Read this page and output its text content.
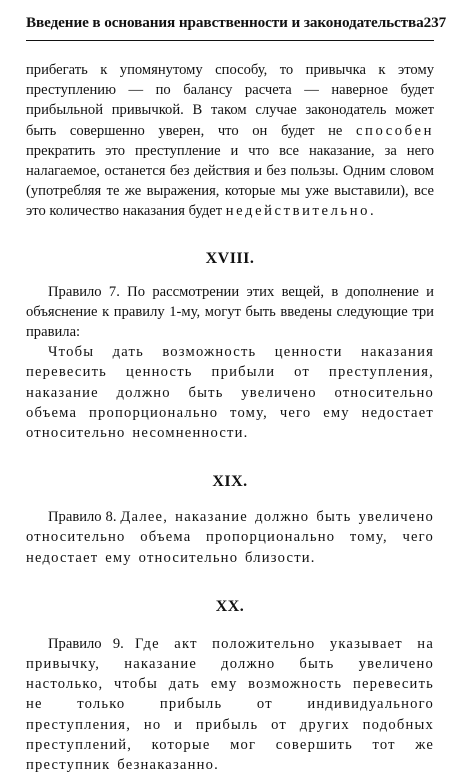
Введение в основания нравственности и законодательства 237

прибегать к упомянутому способу, то привычка к этому преступлению — по балансу расчета — наверное будет прибыльной привычкой. В таком случае законодатель может быть совершенно уверен, что он будет не способен прекратить это преступление и что все наказание, за него налагаемое, останется без действия и без пользы. Одним словом (употребляя те же выражения, которые мы уже выставили), все это количество наказания будет недействительно.

XVIII.

Правило 7. По рассмотрении этих вещей, в дополнение и объяснение к правилу 1-му, могут быть введены следующие три правила:

Чтобы дать возможность ценности наказания перевесить ценность прибыли от преступления, наказание должно быть увеличено относительно объема пропорционально тому, чего ему недостает относительно несомненности.

XIX.

Правило 8. Далее, наказание должно быть увеличено относительно объема пропорционально тому, чего недостает ему относительно близости.

XX.

Правило 9. Где акт положительно указывает на привычку, наказание должно быть увеличено настолько, чтобы дать ему возможность перевесить не только прибыль от индивидуального преступления, но и прибыль от других подобных преступлений, которые мог совершить тот же преступник безнаказанно.
